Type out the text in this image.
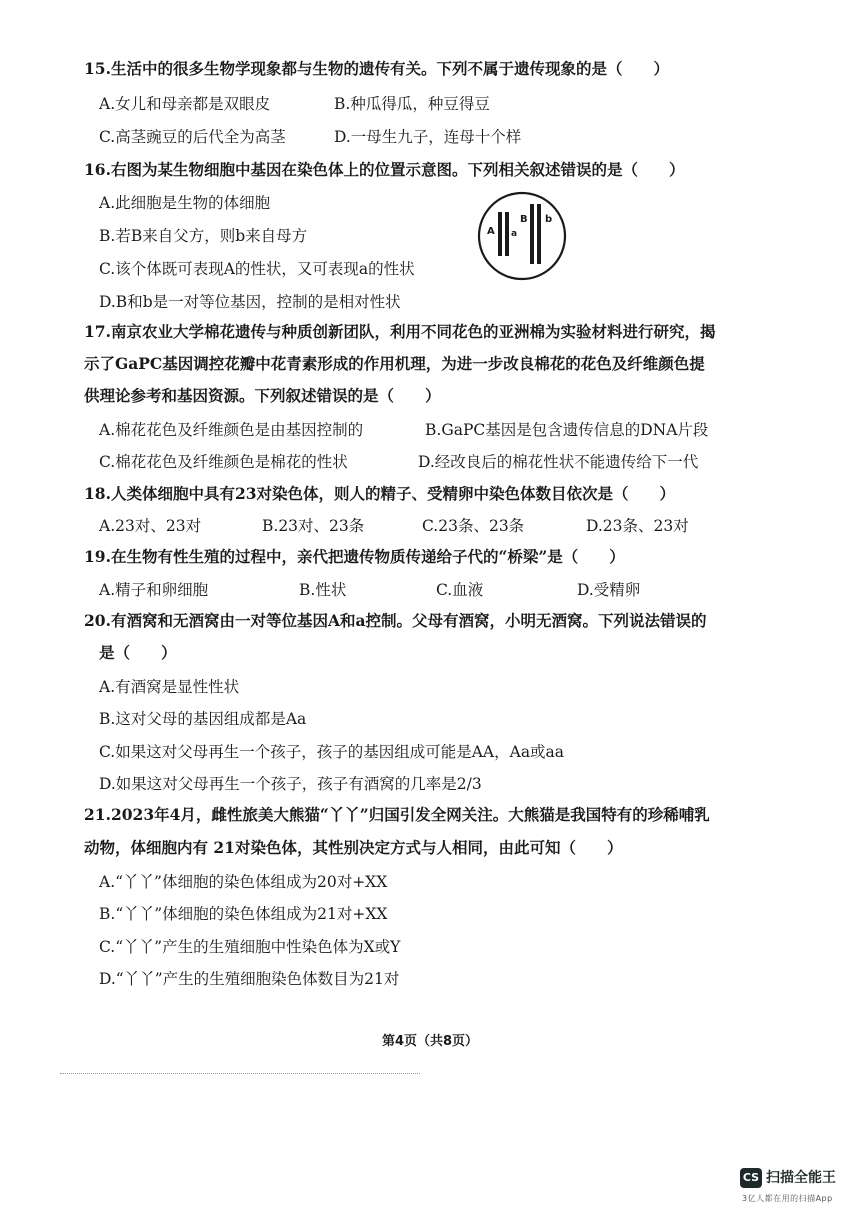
15.生活中的很多生物学现象都与生物的遗传有关。下列不属于遗传现象的是（　　）
A.女儿和母亲都是双眼皮	B.种瓜得瓜，种豆得豆
C.高茎豌豆的后代全为高茎	D.一母生九子，连母十个样
16.右图为某生物细胞中基因在染色体上的位置示意图。下列相关叙述错误的是（　　）
A.此细胞是生物的体细胞
B.若B来自父方，则b来自母方
C.该个体既可表现A的性状，又可表现a的性状
D.B和b是一对等位基因，控制的是相对性状
A a
B b
17.南京农业大学棉花遗传与种质创新团队，利用不同花色的亚洲棉为实验材料进行研究，揭
示了GaPC基因调控花瓣中花青素形成的作用机理，为进一步改良棉花的花色及纤维颜色提
供理论参考和基因资源。下列叙述错误的是（　　）
A.棉花花色及纤维颜色是由基因控制的	B.GaPC基因是包含遗传信息的DNA片段
C.棉花花色及纤维颜色是棉花的性状	D.经改良后的棉花性状不能遗传给下一代
18.人类体细胞中具有23对染色体，则人的精子、受精卵中染色体数目依次是（　　）
A.23对、23对	B.23对、23条	C.23条、23条	D.23条、23对
19.在生物有性生殖的过程中，亲代把遗传物质传递给子代的“桥梁”是（　　）
A.精子和卵细胞	B.性状	C.血液	D.受精卵
20.有酒窝和无酒窝由一对等位基因A和a控制。父母有酒窝，小明无酒窝。下列说法错误的
是（　　）
A.有酒窝是显性性状
B.这对父母的基因组成都是Aa
C.如果这对父母再生一个孩子，孩子的基因组成可能是AA，Aa或aa
D.如果这对父母再生一个孩子，孩子有酒窝的几率是2/3
21.2023年4月，雌性旅美大熊猫“丫丫”归国引发全网关注。大熊猫是我国特有的珍稀哺乳
动物，体细胞内有 21对染色体，其性别决定方式与人相同，由此可知（　　）
A.“丫丫”体细胞的染色体组成为20对+XX
B.“丫丫”体细胞的染色体组成为21对+XX
C.“丫丫”产生的生殖细胞中性染色体为X或Y
D.“丫丫”产生的生殖细胞染色体数目为21对
第4页（共8页）
CS 扫描全能王
3亿人都在用的扫描App
